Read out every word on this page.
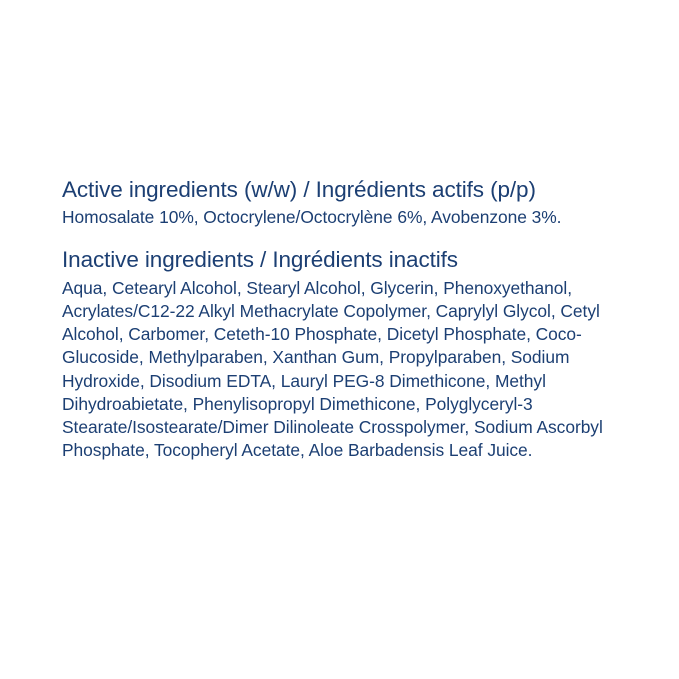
Active ingredients (w/w) / Ingrédients actifs (p/p)

Homosalate 10%, Octocrylene/Octocrylène 6%, Avobenzone 3%.

Inactive ingredients / Ingrédients inactifs

Aqua, Cetearyl Alcohol, Stearyl Alcohol, Glycerin, Phenoxyethanol, Acrylates/C12-22 Alkyl Methacrylate Copolymer, Caprylyl Glycol, Cetyl Alcohol, Carbomer, Ceteth-10 Phosphate, Dicetyl Phosphate, Coco-Glucoside, Methylparaben, Xanthan Gum, Propylparaben, Sodium Hydroxide, Disodium EDTA, Lauryl PEG-8 Dimethicone, Methyl Dihydroabietate, Phenylisopropyl Dimethicone, Polyglyceryl-3 Stearate/Isostearate/Dimer Dilinoleate Crosspolymer, Sodium Ascorbyl Phosphate, Tocopheryl Acetate, Aloe Barbadensis Leaf Juice.
